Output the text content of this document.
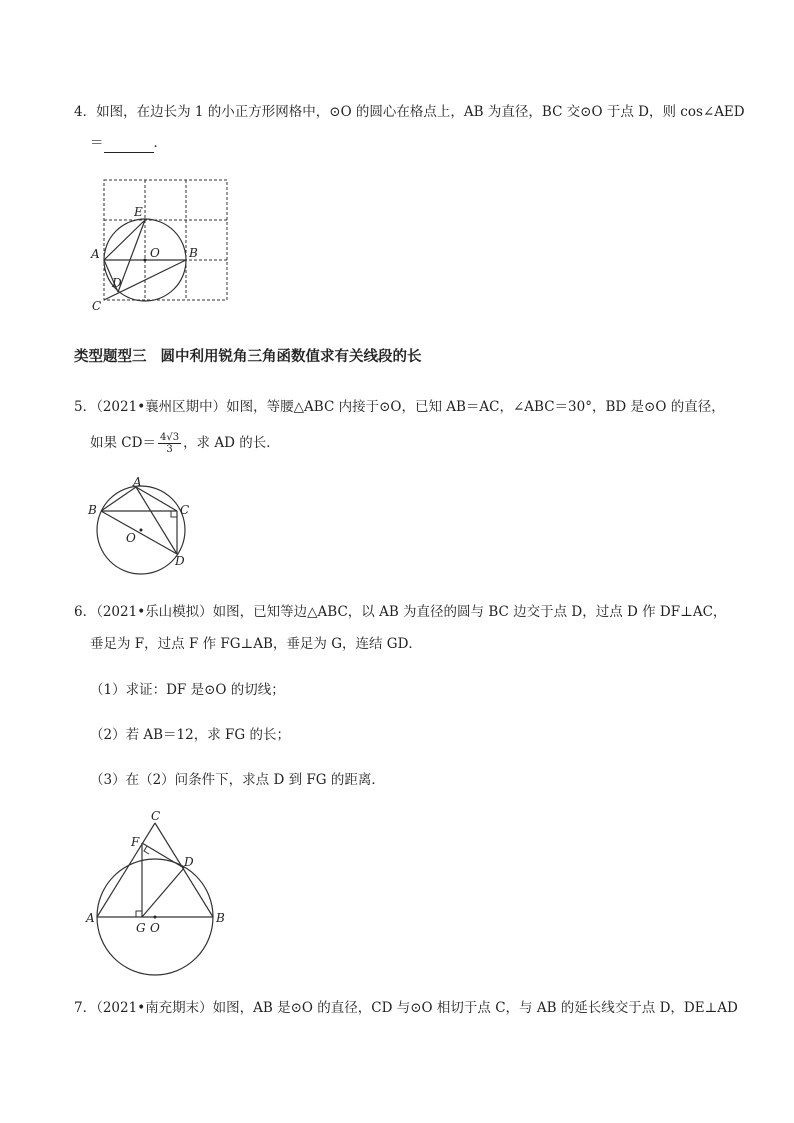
4．如图，在边长为 1 的小正方形网格中，⊙O 的圆心在格点上，AB 为直径，BC 交⊙O 于点 D，则 cos∠AED
＝	．
E
A	O B
D
C
类型题型三 圆中利用锐角三角函数值求有关线段的长
5．（2021•襄州区期中）如图，等腰△ABC 内接于⊙O，已知 AB＝AC，∠ABC＝30°，BD 是⊙O 的直径，
如果 $CD= \frac{4√3}{3}$ ，求 AD 的长．
A
B	C
O
D
6．（2021•乐山模拟）如图，已知等边△ABC，以 AB 为直径的圆与 BC 边交于点 D，过点 D 作 DF⊥AC，
垂足为 F，过点 F 作 FG⊥AB，垂足为 G，连结 GD．
（1）求证：DF 是⊙O 的切线；
（2）若 AB＝12，求 FG 的长；
（3）在（2）问条件下，求点 D 到 FG 的距离．
C
F
D
A	B
G O
7．（2021•南充期末）如图，AB 是⊙O 的直径，CD 与⊙O 相切于点 C，与 AB 的延长线交于点 D，DE⊥AD
